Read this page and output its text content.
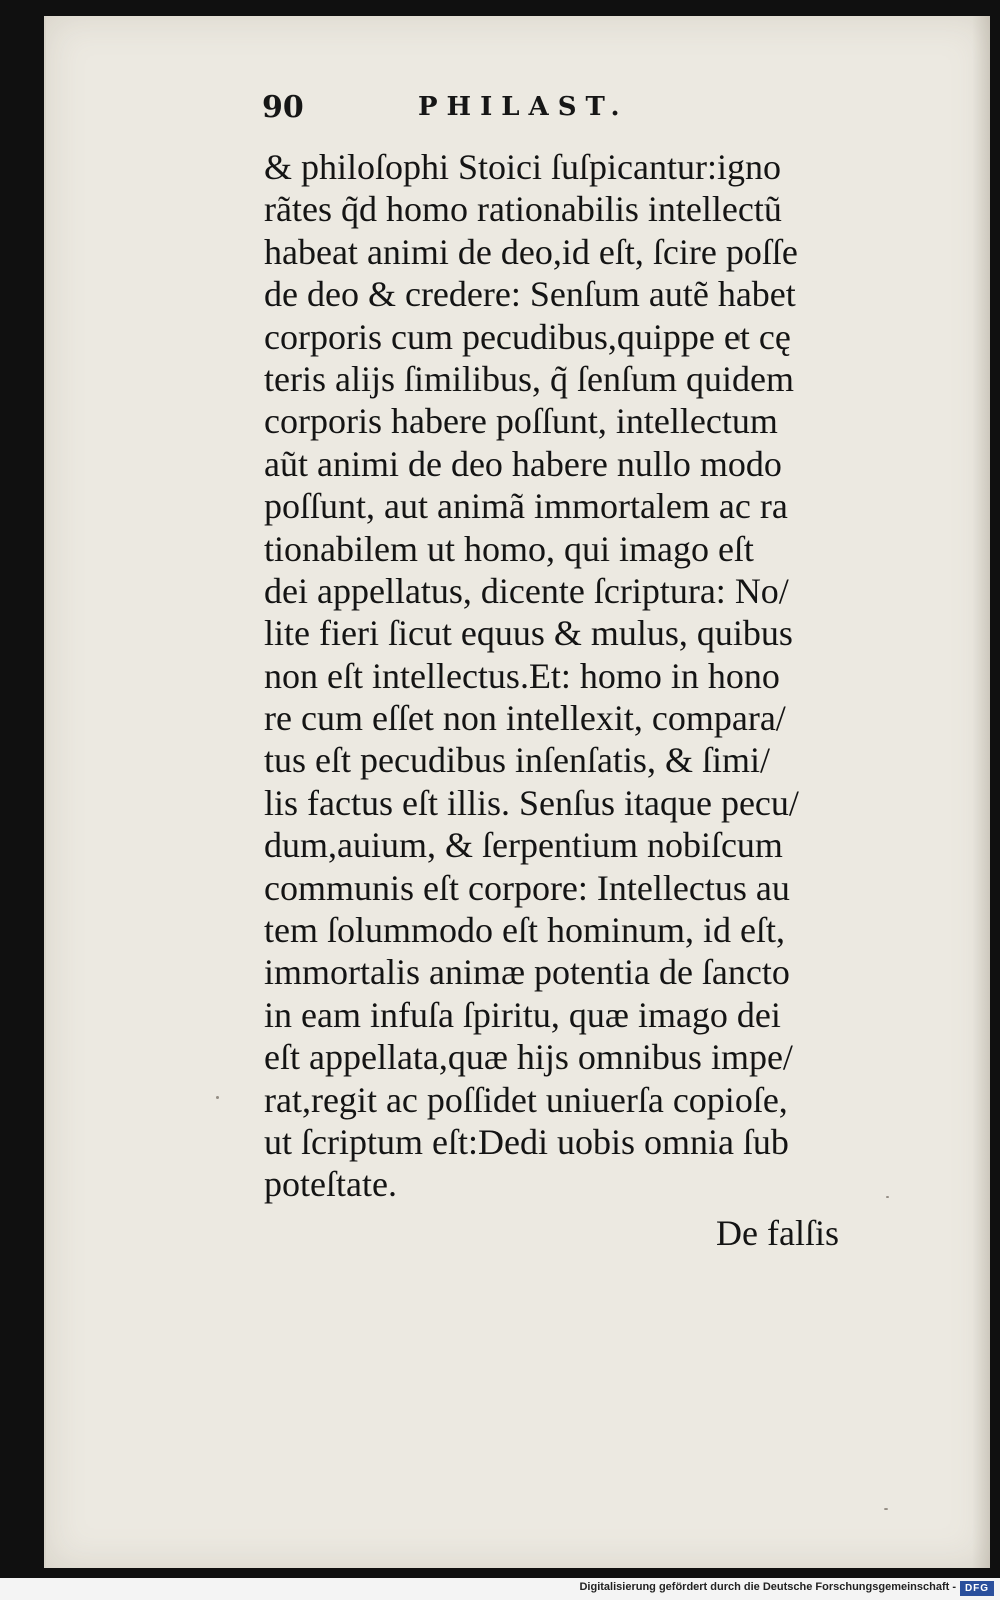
90	PHILAST.
& philoſophi Stoici ſuſpicantur:igno
rãtes q̃d homo rationabilis intellectũ
habeat animi de deo,id eſt, ſcire poſſe
de deo & credere: Senſum autẽ habet
corporis cum pecudibus,quippe et cę
teris alijs ſimilibus, q̃ ſenſum quidem
corporis habere poſſunt, intellectum
aũt animi de deo habere nullo modo
poſſunt, aut animã immortalem ac ra
tionabilem ut homo, qui imago eſt
dei appellatus, dicente ſcriptura: No/
lite fieri ſicut equus & mulus, quibus
non eſt intellectus.Et: homo in hono
re cum eſſet non intellexit, compara/
tus eſt pecudibus inſenſatis, & ſimi/
lis factus eſt illis. Senſus itaque pecu/
dum,auium, & ſerpentium nobiſcum
communis eſt corpore: Intellectus au
tem ſolummodo eſt hominum, id eſt,
immortalis animæ potentia de ſancto
in eam infuſa ſpiritu, quæ imago dei
eſt appellata,quæ hijs omnibus impe/
rat,regit ac poſſidet uniuerſa copioſe,
ut ſcriptum eſt:Dedi uobis omnia ſub
poteſtate.
De falſis
Digitalisierung gefördert durch die Deutsche Forschungsgemeinschaft - DFG
